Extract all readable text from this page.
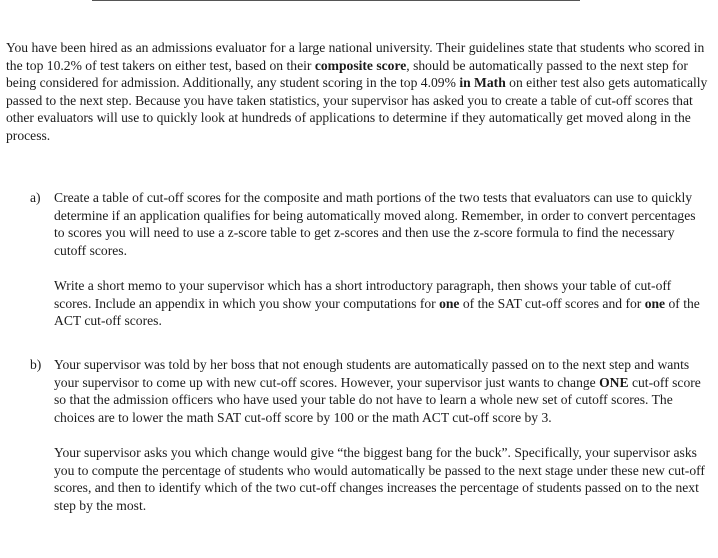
You have been hired as an admissions evaluator for a large national university. Their guidelines state that students who scored in the top 10.2% of test takers on either test, based on their composite score, should be automatically passed to the next step for being considered for admission. Additionally, any student scoring in the top 4.09% in Math on either test also gets automatically passed to the next step. Because you have taken statistics, your supervisor has asked you to create a table of cut-off scores that other evaluators will use to quickly look at hundreds of applications to determine if they automatically get moved along in the process.

a) Create a table of cut-off scores for the composite and math portions of the two tests that evaluators can use to quickly determine if an application qualifies for being automatically moved along. Remember, in order to convert percentages to scores you will need to use a z-score table to get z-scores and then use the z-score formula to find the necessary cutoff scores.

Write a short memo to your supervisor which has a short introductory paragraph, then shows your table of cut-off scores. Include an appendix in which you show your computations for one of the SAT cut-off scores and for one of the ACT cut-off scores.

b) Your supervisor was told by her boss that not enough students are automatically passed on to the next step and wants your supervisor to come up with new cut-off scores. However, your supervisor just wants to change ONE cut-off score so that the admission officers who have used your table do not have to learn a whole new set of cutoff scores. The choices are to lower the math SAT cut-off score by 100 or the math ACT cut-off score by 3.

Your supervisor asks you which change would give “the biggest bang for the buck”. Specifically, your supervisor asks you to compute the percentage of students who would automatically be passed to the next stage under these new cut-off scores, and then to identify which of the two cut-off changes increases the percentage of students passed on to the next step by the most.
